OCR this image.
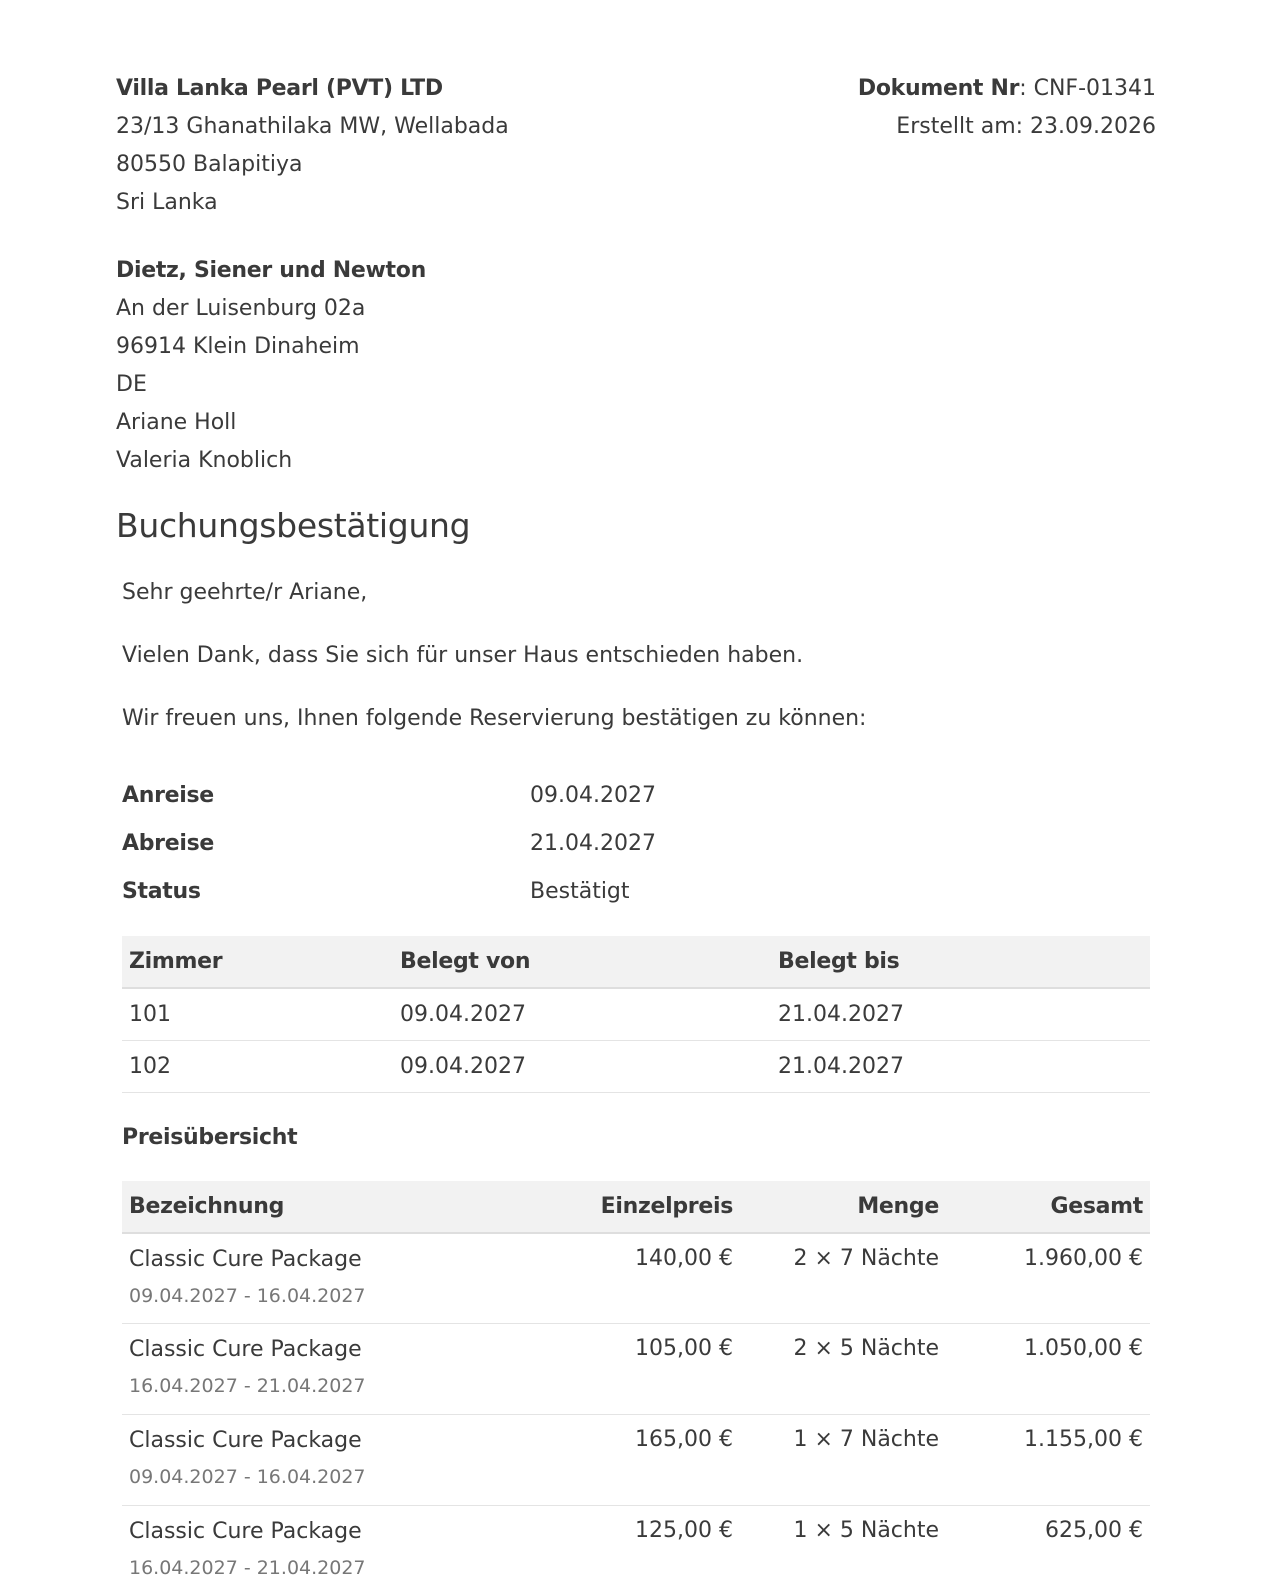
Villa Lanka Pearl (PVT) LTD
23/13 Ghanathilaka MW, Wellabada
80550 Balapitiya
Sri Lanka
Dokument Nr: CNF-01341
Erstellt am: 23.09.2026
Dietz, Siener und Newton
An der Luisenburg 02a
96914 Klein Dinaheim
DE
Ariane Holl
Valeria Knoblich
Buchungsbestätigung
Sehr geehrte/r Ariane,
Vielen Dank, dass Sie sich für unser Haus entschieden haben.
Wir freuen uns, Ihnen folgende Reservierung bestätigen zu können:
Anreise	09.04.2027
Abreise	21.04.2027
Status	Bestätigt
Zimmer	Belegt von	Belegt bis
101	09.04.2027	21.04.2027
102	09.04.2027	21.04.2027
Preisübersicht
Bezeichnung	Einzelpreis	Menge	Gesamt

Classic Cure Package
09.04.2027 - 16.04.2027	140,00 €	2 × 7 Nächte	1.960,00 €

Classic Cure Package
16.04.2027 - 21.04.2027	105,00 €	2 × 5 Nächte	1.050,00 €

Classic Cure Package
09.04.2027 - 16.04.2027	165,00 €	1 × 7 Nächte	1.155,00 €

Classic Cure Package
16.04.2027 - 21.04.2027	125,00 €	1 × 5 Nächte	625,00 €
